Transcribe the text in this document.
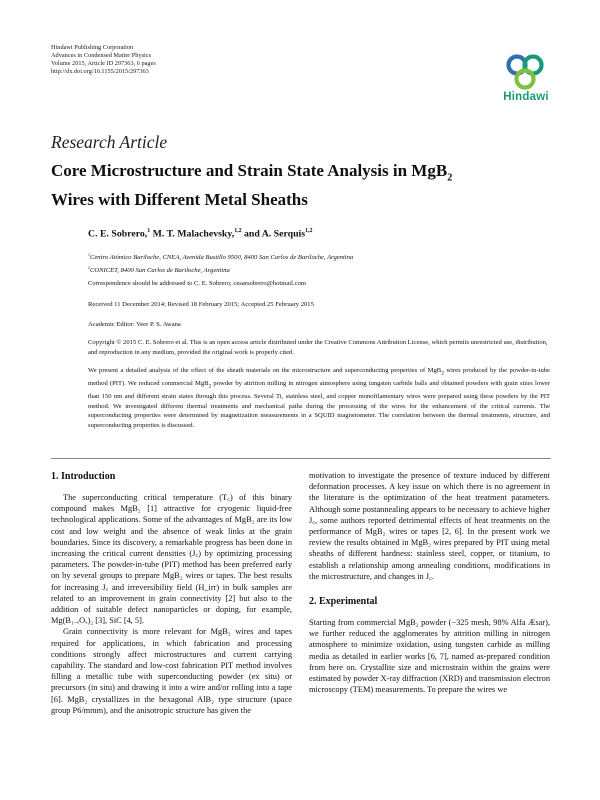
Hindawi Publishing Corporation
Advances in Condensed Matter Physics
Volume 2015, Article ID 297363, 6 pages
http://dx.doi.org/10.1155/2015/297363
Hindawi
Research Article
Core Microstructure and Strain State Analysis in MgB$_2$
Wires with Different Metal Sheaths
C. E. Sobrero,$^1$ M. T. Malachevsky,$^{1,2}$ and A. Serquis$^{1,2}$
$^1$Centro Atómico Bariloche, CNEA, Avenida Bustillo 9500, 8400 San Carlos de Bariloche, Argentina
$^2$CONICET, 8400 San Carlos de Bariloche, Argentina
Correspondence should be addressed to C. E. Sobrero; cesarsobrero@hotmail.com
Received 11 December 2014; Revised 18 February 2015; Accepted 25 February 2015
Academic Editor: Veer P. S. Awana
Copyright © 2015 C. E. Sobrero et al. This is an open access article distributed under the Creative Commons Attribution License, which permits unrestricted use, distribution, and reproduction in any medium, provided the original work is properly cited.
We present a detailed analysis of the effect of the sheath materials on the microstructure and superconducting properties of MgB$_2$ wires produced by the powder-in-tube method (PIT). We reduced commercial MgB$_2$ powder by attrition milling in nitrogen atmosphere using tungsten carbide balls and obtained powders with grain sizes lower than 150 nm and different strain states through this process. Several Ti, stainless steel, and copper monofilamentary wires were prepared using these powders by the PIT method. We investigated different thermal treatments and mechanical paths during the processing of the wires for the enhancement of the critical currents. The superconducting properties were determined by magnetization measurements in a SQUID magnetometer. The correlation between the thermal treatments, structure, and superconducting properties is discussed.

1. Introduction

The superconducting critical temperature (T꜀) of this binary compound makes MgB₂ [1] attractive for cryogenic liquid-free technological applications. Some of the advantages of MgB₂ are its low cost and low weight and the absence of weak links at the grain boundaries. Since its discovery, a remarkable progress has been done in increasing the critical current densities (J꜀) by optimizing processing parameters. The powder-in-tube (PIT) method has been preferred early on by several groups to prepare MgB₂ wires or tapes. The best results for increasing J꜀ and irreversibility field (H_irr) in bulk samples are related to an improvement in grain connectivity [2] but also to the addition of suitable defect nanoparticles or doping, for example, Mg(B₁₋ₓOₓ)₂ [3], SiC [4, 5].

Grain connectivity is more relevant for MgB₂ wires and tapes required for applications, in which fabrication and processing conditions strongly affect microstructures and current carrying capability. The standard and low-cost fabrication PIT method involves filling a metallic tube with superconducting powder (ex situ) or precursors (in situ) and drawing it into a wire and/or rolling into a tape [6]. MgB₂ crystallizes in the hexagonal AlB₂ type structure (space group P6/mmm), and the anisotropic structure has given the

motivation to investigate the presence of texture induced by different deformation processes. A key issue on which there is no agreement in the literature is the optimization of the heat treatment parameters. Although some postannealing appears to be necessary to achieve higher J꜀, some authors reported detrimental effects of heat treatments on the performance of MgB₂ wires or tapes [2, 6]. In the present work we review the results obtained in MgB₂ wires prepared by PIT using metal sheaths of different hardness: stainless steel, copper, or titanium, to establish a relationship among annealing conditions, modifications in the microstructure, and changes in J꜀.

2. Experimental

Starting from commercial MgB₂ powder (−325 mesh, 98% Alfa Æsar), we further reduced the agglomerates by attrition milling in nitrogen atmosphere to minimize oxidation, using tungsten carbide as milling media as detailed in earlier works [6, 7], named as-prepared condition from here on. Crystallite size and microstrain within the grains were estimated by powder X-ray diffraction (XRD) and transmission electron microscopy (TEM) measurements. To prepare the wires we
